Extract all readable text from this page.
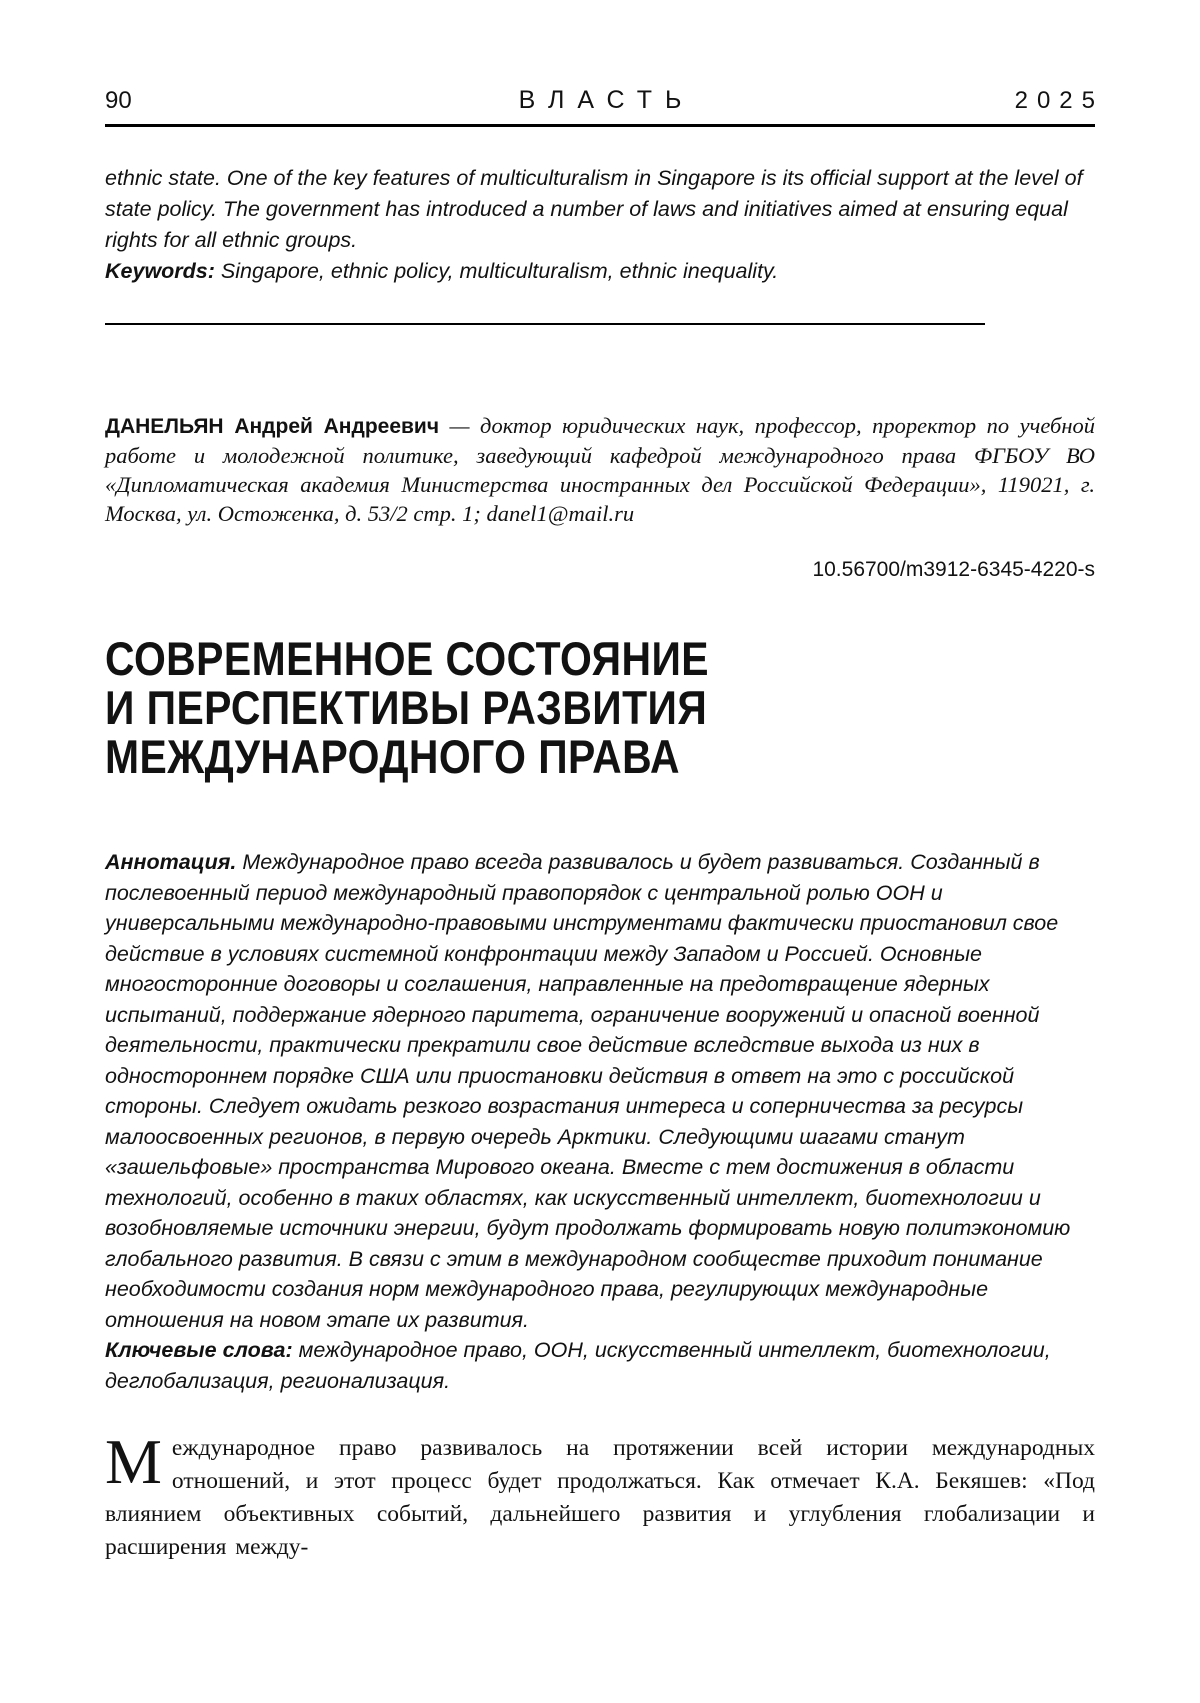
90	ВЛАСТЬ	2025
ethnic state. One of the key features of multiculturalism in Singapore is its official support at the level of state policy. The government has introduced a number of laws and initiatives aimed at ensuring equal rights for all ethnic groups.
Keywords: Singapore, ethnic policy, multiculturalism, ethnic inequality.
ДАНЕЛЬЯН Андрей Андреевич — доктор юридических наук, профессор, проректор по учебной работе и молодежной политике, заведующий кафедрой международного права ФГБОУ ВО «Дипломатическая академия Министерства иностранных дел Российской Федерации», 119021, г. Москва, ул. Остоженка, д. 53/2 стр. 1; danel1@mail.ru
10.56700/m3912-6345-4220-s
СОВРЕМЕННОЕ СОСТОЯНИЕ
И ПЕРСПЕКТИВЫ РАЗВИТИЯ
МЕЖДУНАРОДНОГО ПРАВА
Аннотация. Международное право всегда развивалось и будет развиваться. Созданный в послевоенный период международный правопорядок с центральной ролью ООН и универсальными международно-правовыми инструментами фактически приостановил свое действие в условиях системной конфронтации между Западом и Россией. Основные многосторонние договоры и соглашения, направленные на предотвращение ядерных испытаний, поддержание ядерного паритета, ограничение вооружений и опасной военной деятельности, практически прекратили свое действие вследствие выхода из них в одностороннем порядке США или приостановки действия в ответ на это с российской стороны. Следует ожидать резкого возрастания интереса и соперничества за ресурсы малоосвоенных регионов, в первую очередь Арктики. Следующими шагами станут «зашельфовые» пространства Мирового океана. Вместе с тем достижения в области технологий, особенно в таких областях, как искусственный интеллект, биотехнологии и возобновляемые источники энергии, будут продолжать формировать новую политэкономию глобального развития. В связи с этим в международном сообществе приходит понимание необходимости создания норм международного права, регулирующих международные отношения на новом этапе их развития.
Ключевые слова: международное право, ООН, искусственный интеллект, биотехнологии, деглобализация, регионализация.
Международное право развивалось на протяжении всей истории международных отношений, и этот процесс будет продолжаться. Как отмечает К.А. Бекяшев: «Под влиянием объективных событий, дальнейшего развития и углубления глобализации и расширения между-
